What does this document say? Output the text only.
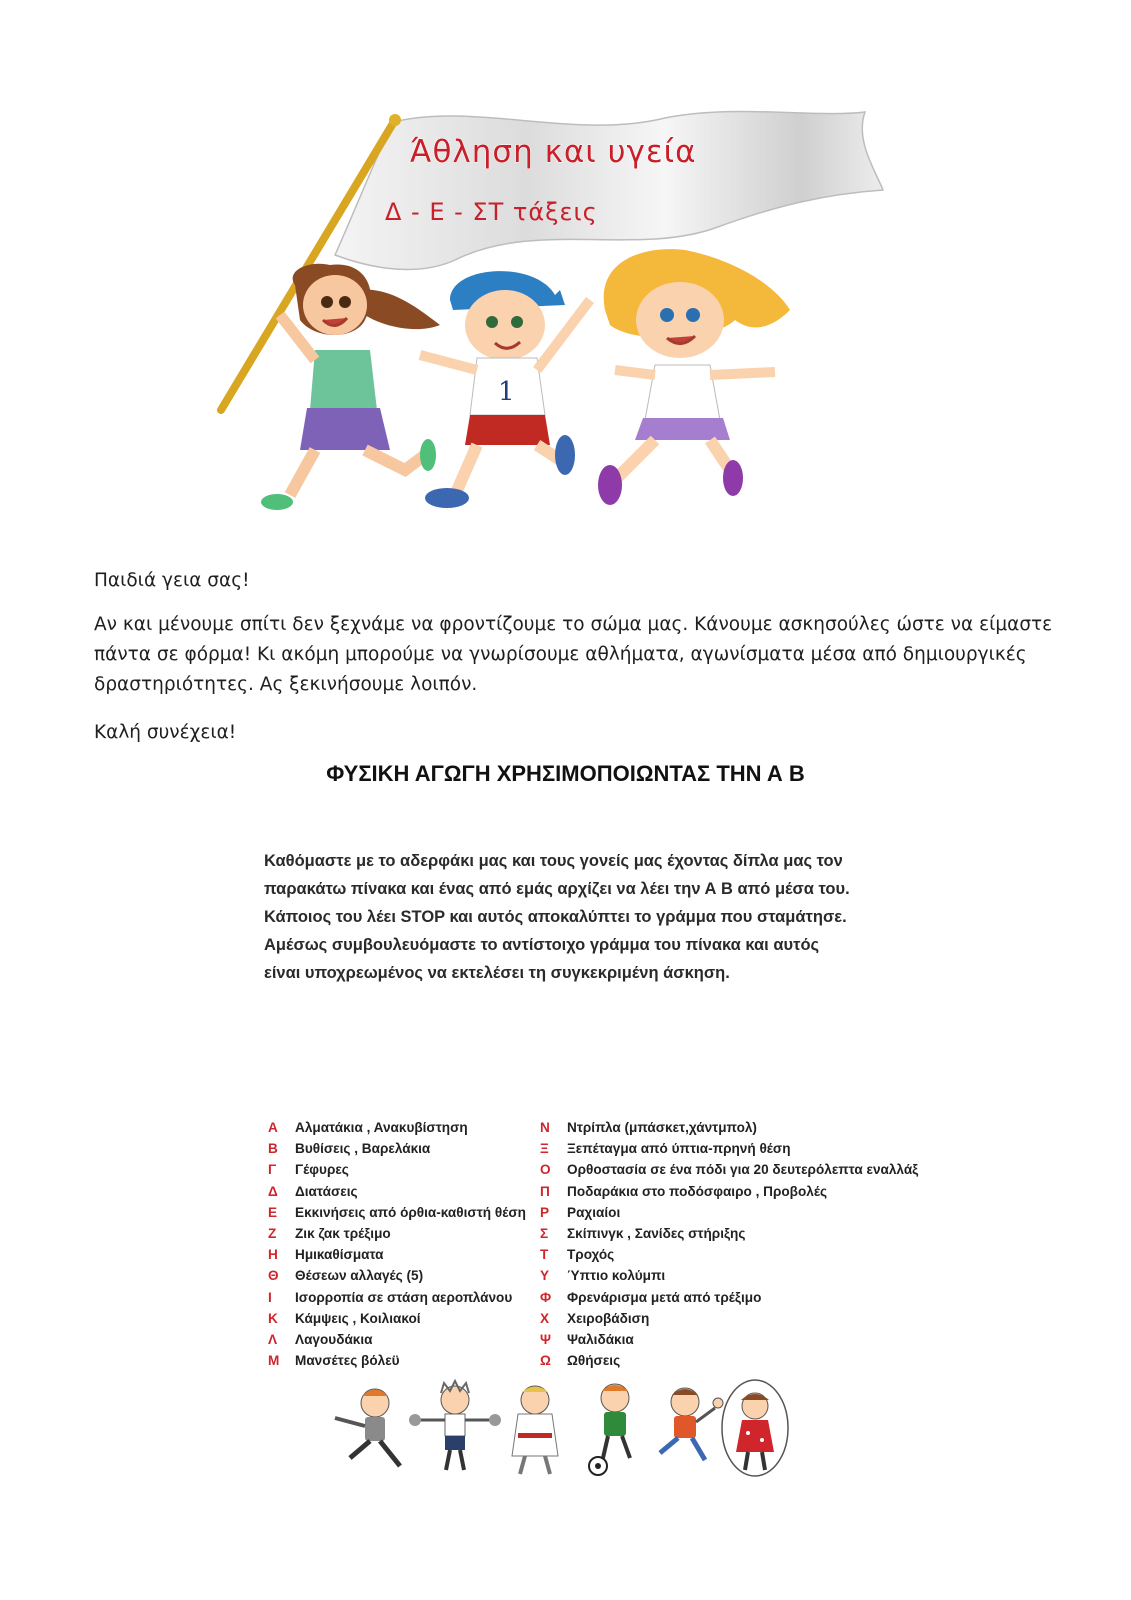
Άθληση και υγεία
Δ - Ε - ΣΤ τάξεις
1

Παιδιά γεια σας!

Αν και μένουμε σπίτι δεν ξεχνάμε να φροντίζουμε το σώμα μας. Κάνουμε ασκησούλες ώστε να είμαστε πάντα σε φόρμα! Κι ακόμη μπορούμε να γνωρίσουμε αθλήματα, αγωνίσματα μέσα από δημιουργικές δραστηριότητες. Ας ξεκινήσουμε λοιπόν.

Καλή συνέχεια!

ΦΥΣΙΚΗ ΑΓΩΓΗ ΧΡΗΣΙΜΟΠΟΙΩΝΤΑΣ ΤΗΝ Α Β

Καθόμαστε με το αδερφάκι μας και τους γονείς μας έχοντας δίπλα μας τον παρακάτω πίνακα και ένας από εμάς αρχίζει να λέει την Α Β από μέσα του. Κάποιος του λέει STOP και αυτός αποκαλύπτει το γράμμα που σταμάτησε. Αμέσως συμβουλευόμαστε το αντίστοιχο γράμμα του πίνακα και αυτός είναι υποχρεωμένος να εκτελέσει τη συγκεκριμένη άσκηση.

Α	Αλματάκια , Ανακυβίστηση
Β	Βυθίσεις , Βαρελάκια
Γ	Γέφυρες
Δ	Διατάσεις
Ε	Εκκινήσεις από όρθια-καθιστή θέση
Ζ	Ζικ ζακ τρέξιμο
Η	Ημικαθίσματα
Θ	Θέσεων αλλαγές (5)
Ι	Ισορροπία σε στάση αεροπλάνου
Κ	Κάμψεις , Κοιλιακοί
Λ	Λαγουδάκια
Μ	Μανσέτες βόλεϋ
Ν	Ντρίπλα (μπάσκετ,χάντμπολ)
Ξ	Ξεπέταγμα από ύπτια-πρηνή θέση
Ο	Ορθοστασία σε ένα πόδι για 20 δευτερόλεπτα εναλλάξ
Π	Ποδαράκια στο ποδόσφαιρο , Προβολές
Ρ	Ραχιαίοι
Σ	Σκίπινγκ , Σανίδες στήριξης
Τ	Τροχός
Υ	Ύπτιο κολύμπι
Φ	Φρενάρισμα μετά από τρέξιμο
Χ	Χειροβάδιση
Ψ	Ψαλιδάκια
Ω	Ωθήσεις
